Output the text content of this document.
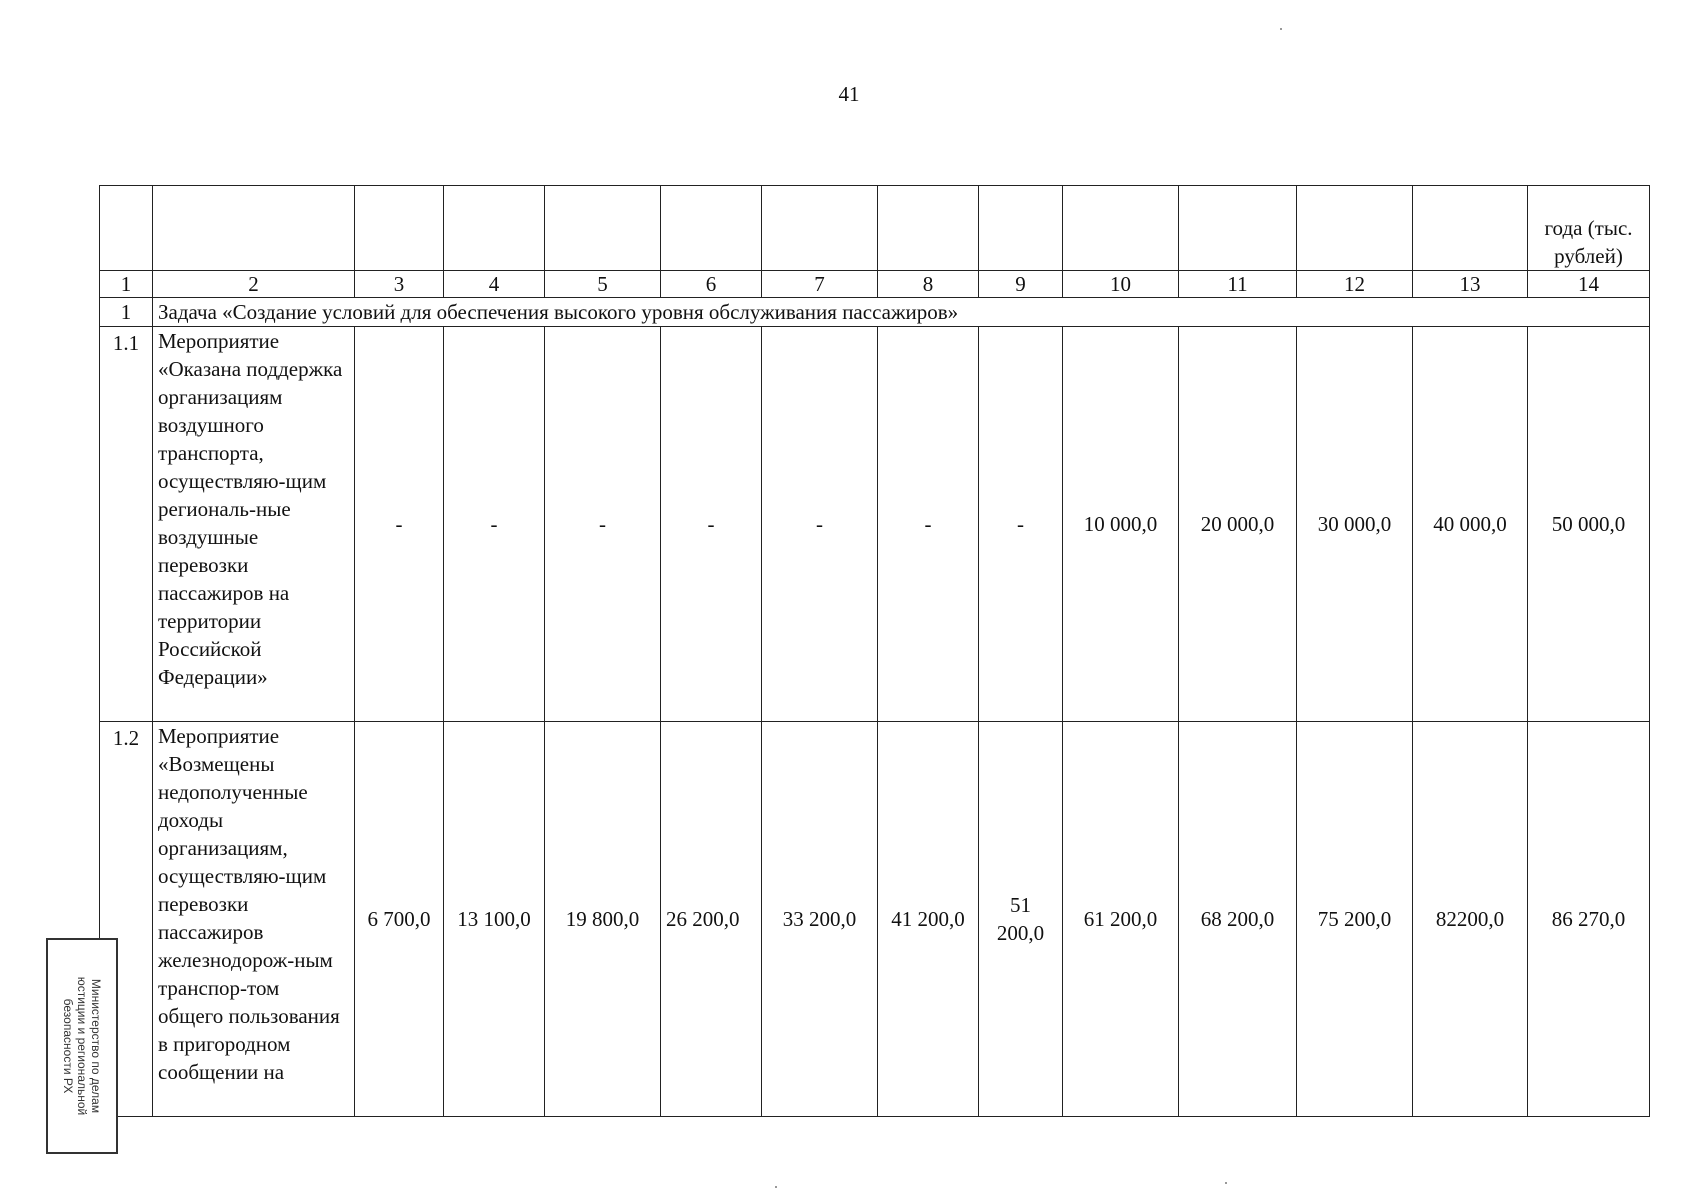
41
													года (тыс. рублей)
1	2	3	4	5	6	7	8	9	10	11	12	13	14
1	Задача «Создание условий для обеспечения высокого уровня обслуживания пассажиров»												
1.1	Мероприятие «Оказана поддержка организациям воздушного транспорта, осуществляю-щим региональ-ные воздушные перевозки пассажиров на территории Российской Федерации»	-	-	-	-	-	-	-	10 000,0	20 000,0	30 000,0	40 000,0	50 000,0
1.2	Мероприятие «Возмещены недополученные доходы организациям, осуществляю-щим перевозки пассажиров железнодорож-ным транспор-том общего пользования в пригородном сообщении на	6 700,0	13 100,0	19 800,0	26 200,0	33 200,0	41 200,0	51 200,0	61 200,0	68 200,0	75 200,0	82200,0	86 270,0
Министерство по делам
юстиции и региональной
безопасности РХ
